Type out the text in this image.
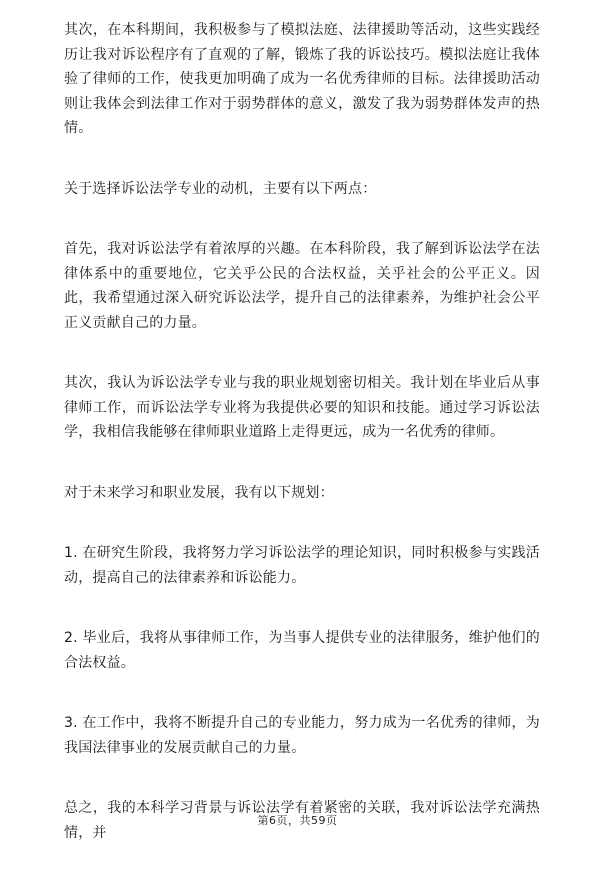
其次，在本科期间，我积极参与了模拟法庭、法律援助等活动，这些实践经历让我对诉讼程序有了直观的了解，锻炼了我的诉讼技巧。模拟法庭让我体验了律师的工作，使我更加明确了成为一名优秀律师的目标。法律援助活动则让我体会到法律工作对于弱势群体的意义，激发了我为弱势群体发声的热情。

关于选择诉讼法学专业的动机，主要有以下两点：

首先，我对诉讼法学有着浓厚的兴趣。在本科阶段，我了解到诉讼法学在法律体系中的重要地位，它关乎公民的合法权益，关乎社会的公平正义。因此，我希望通过深入研究诉讼法学，提升自己的法律素养，为维护社会公平正义贡献自己的力量。

其次，我认为诉讼法学专业与我的职业规划密切相关。我计划在毕业后从事律师工作，而诉讼法学专业将为我提供必要的知识和技能。通过学习诉讼法学，我相信我能够在律师职业道路上走得更远，成为一名优秀的律师。

对于未来学习和职业发展，我有以下规划：

1. 在研究生阶段，我将努力学习诉讼法学的理论知识，同时积极参与实践活动，提高自己的法律素养和诉讼能力。

2. 毕业后，我将从事律师工作，为当事人提供专业的法律服务，维护他们的合法权益。

3. 在工作中，我将不断提升自己的专业能力，努力成为一名优秀的律师，为我国法律事业的发展贡献自己的力量。

总之，我的本科学习背景与诉讼法学有着紧密的关联，我对诉讼法学充满热情，并

第6页，共59页
